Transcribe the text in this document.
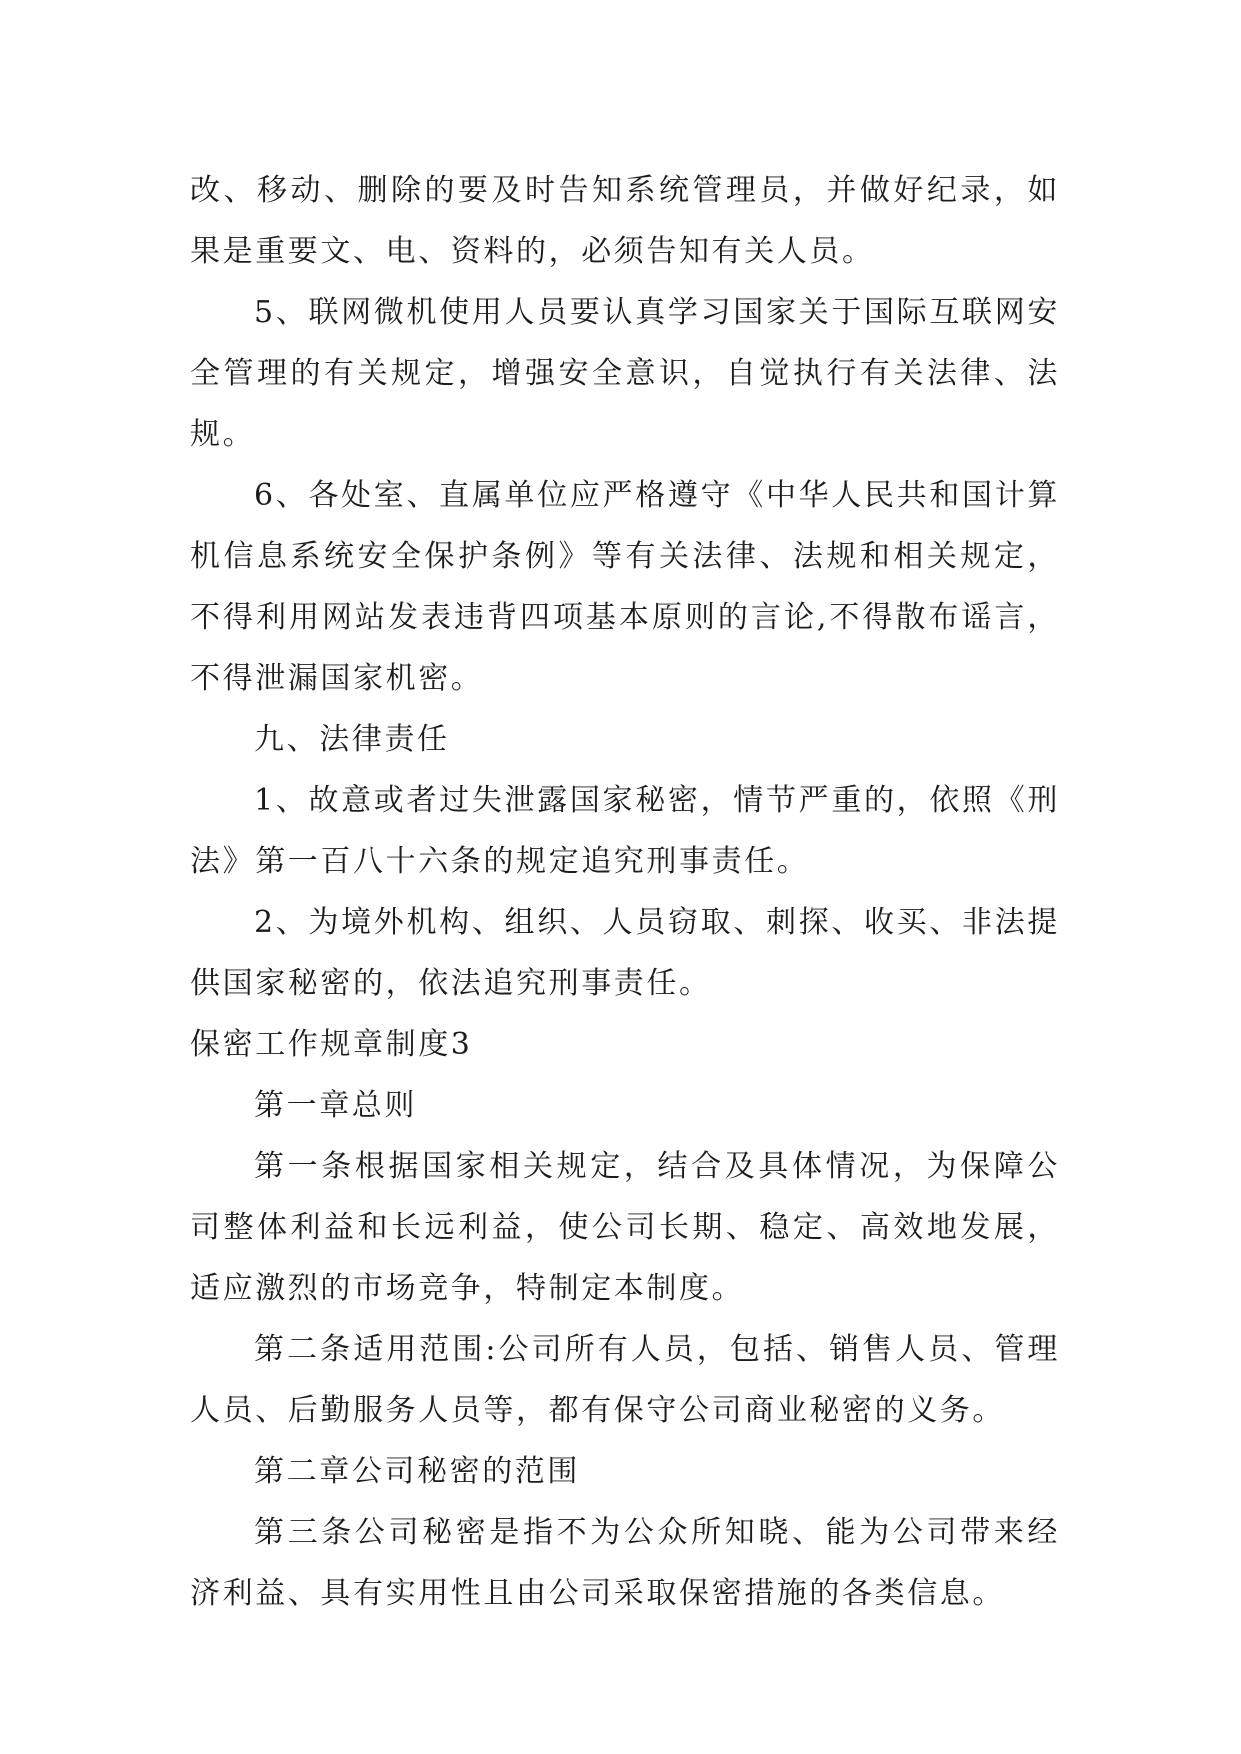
改、移动、删除的要及时告知系统管理员，并做好纪录，如果是重要文、电、资料的，必须告知有关人员。

5、联网微机使用人员要认真学习国家关于国际互联网安全管理的有关规定，增强安全意识，自觉执行有关法律、法规。

6、各处室、直属单位应严格遵守《中华人民共和国计算机信息系统安全保护条例》等有关法律、法规和相关规定，不得利用网站发表违背四项基本原则的言论,不得散布谣言，不得泄漏国家机密。

九、法律责任

1、故意或者过失泄露国家秘密，情节严重的，依照《刑法》第一百八十六条的规定追究刑事责任。

2、为境外机构、组织、人员窃取、刺探、收买、非法提供国家秘密的，依法追究刑事责任。

保密工作规章制度3

第一章总则

第一条根据国家相关规定，结合及具体情况，为保障公司整体利益和长远利益，使公司长期、稳定、高效地发展，适应激烈的市场竞争，特制定本制度。

第二条适用范围:公司所有人员，包括、销售人员、管理人员、后勤服务人员等，都有保守公司商业秘密的义务。

第二章公司秘密的范围

第三条公司秘密是指不为公众所知晓、能为公司带来经济利益、具有实用性且由公司采取保密措施的各类信息。
